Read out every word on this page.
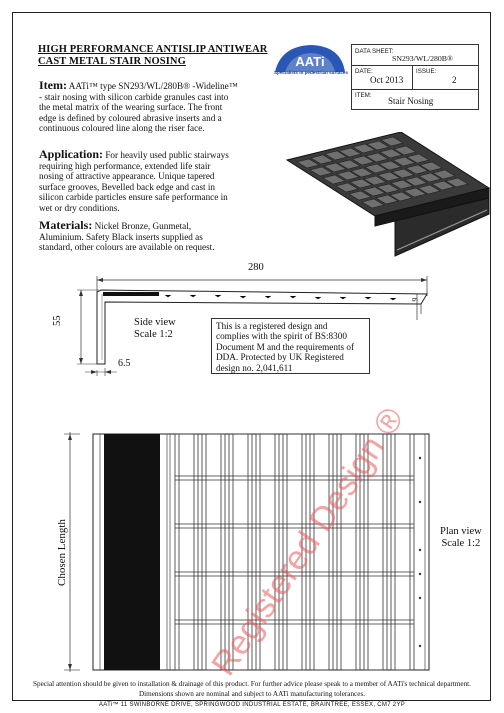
HIGH PERFORMANCE ANTISLIP ANTIWEAR
CAST METAL STAIR NOSING	AATi
Specialists in pedestrian surfaces
DATA SHEET:
SN293/WL/280B®
DATE:
Oct 2013
ISSUE:
2
ITEM:
Stair Nosing
Item: AATi™ type SN293/WL/280B® -Wideline™
- stair nosing with silicon carbide granules cast into
the metal matrix of the wearing surface. The front
edge is defined by coloured abrasive inserts and a
continuous coloured line along the riser face.
Application: For heavily used public stairways
requiring high performance, extended life stair
nosing of attractive appearance. Unique tapered
surface grooves, Bevelled back edge and cast in
silicon carbide particles ensure safe performance in
wet or dry conditions.
Materials: Nickel Bronze, Gunmetal,
Aluminium. Safety Black inserts supplied as
standard, other colours are available on request.
280
55
9
6.5
Side view
Scale 1:2
This is a registered design and
complies with the spirit of BS:8300
Document M and the requirements of
DDA. Protected by UK Registered
design no. 2,041,611
Chosen Length	Plan view
Scale 1:2
Registered Design ®
Special attention should be given to installation & drainage of this product. For further advice please speak to a member of AATi's technical department.
Dimensions shown are nominal and subject to AATi manufacturing tolerances.
AATi™ 11 SWINBORNE DRIVE, SPRINGWOOD INDUSTRIAL ESTATE, BRAINTREE, ESSEX, CM7 2YP
